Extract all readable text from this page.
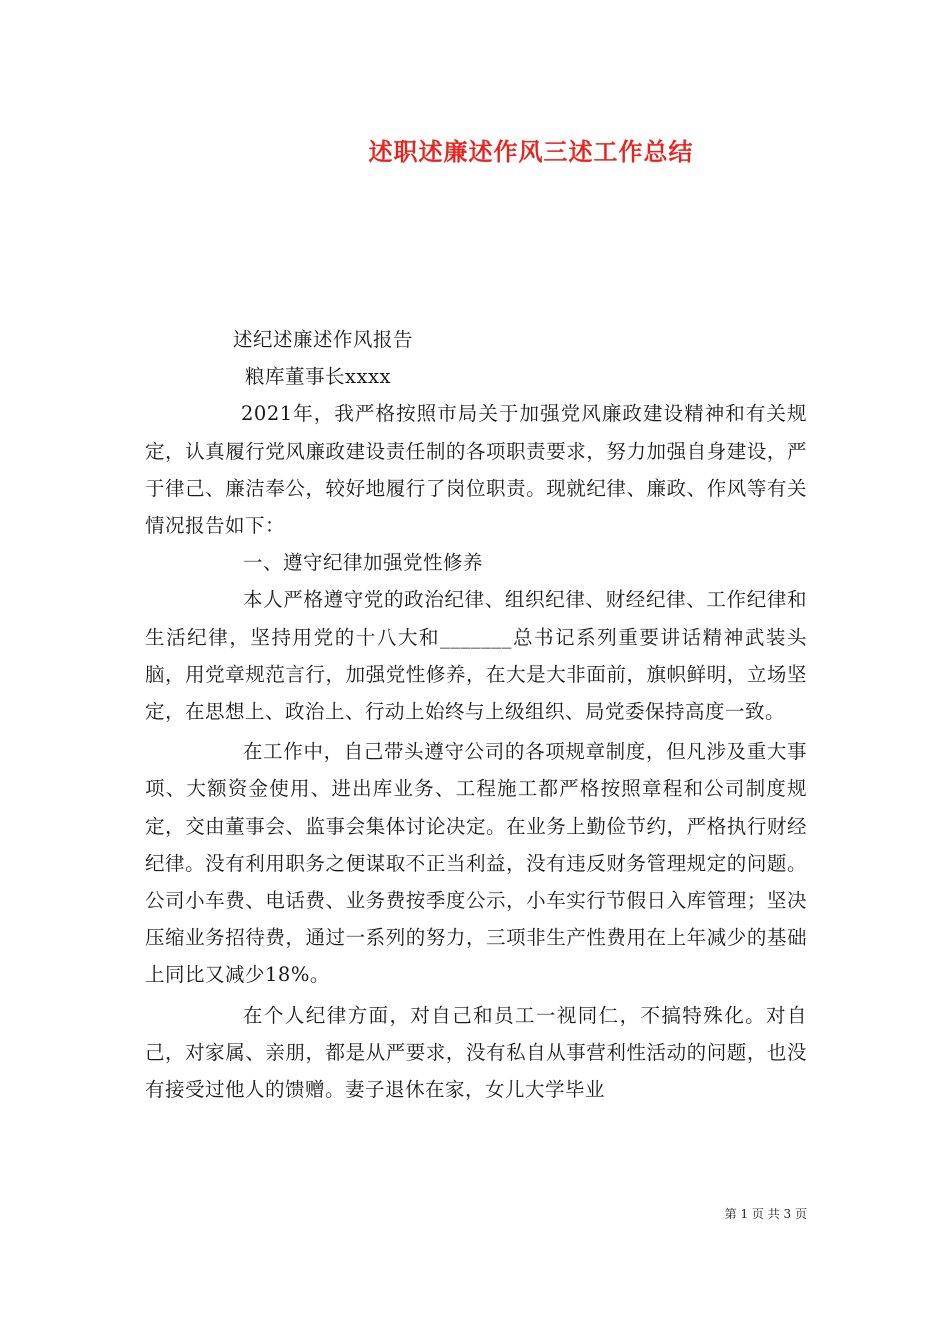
述职述廉述作风三述工作总结

述纪述廉述作风报告

粮库董事长xxxx

2021年，我严格按照市局关于加强党风廉政建设精神和有关规定，认真履行党风廉政建设责任制的各项职责要求，努力加强自身建设，严于律己、廉洁奉公，较好地履行了岗位职责。现就纪律、廉政、作风等有关情况报告如下：

一、遵守纪律加强党性修养

本人严格遵守党的政治纪律、组织纪律、财经纪律、工作纪律和生活纪律，坚持用党的十八大和_______总书记系列重要讲话精神武装头脑，用党章规范言行，加强党性修养，在大是大非面前，旗帜鲜明，立场坚定，在思想上、政治上、行动上始终与上级组织、局党委保持高度一致。

在工作中，自己带头遵守公司的各项规章制度，但凡涉及重大事项、大额资金使用、进出库业务、工程施工都严格按照章程和公司制度规定，交由董事会、监事会集体讨论决定。在业务上勤俭节约，严格执行财经纪律。没有利用职务之便谋取不正当利益，没有违反财务管理规定的问题。公司小车费、电话费、业务费按季度公示，小车实行节假日入库管理；坚决压缩业务招待费，通过一系列的努力，三项非生产性费用在上年减少的基础上同比又减少18%。

在个人纪律方面，对自己和员工一视同仁，不搞特殊化。对自己，对家属、亲朋，都是从严要求，没有私自从事营利性活动的问题，也没有接受过他人的馈赠。妻子退休在家，女儿大学毕业

第 1 页 共 3 页
